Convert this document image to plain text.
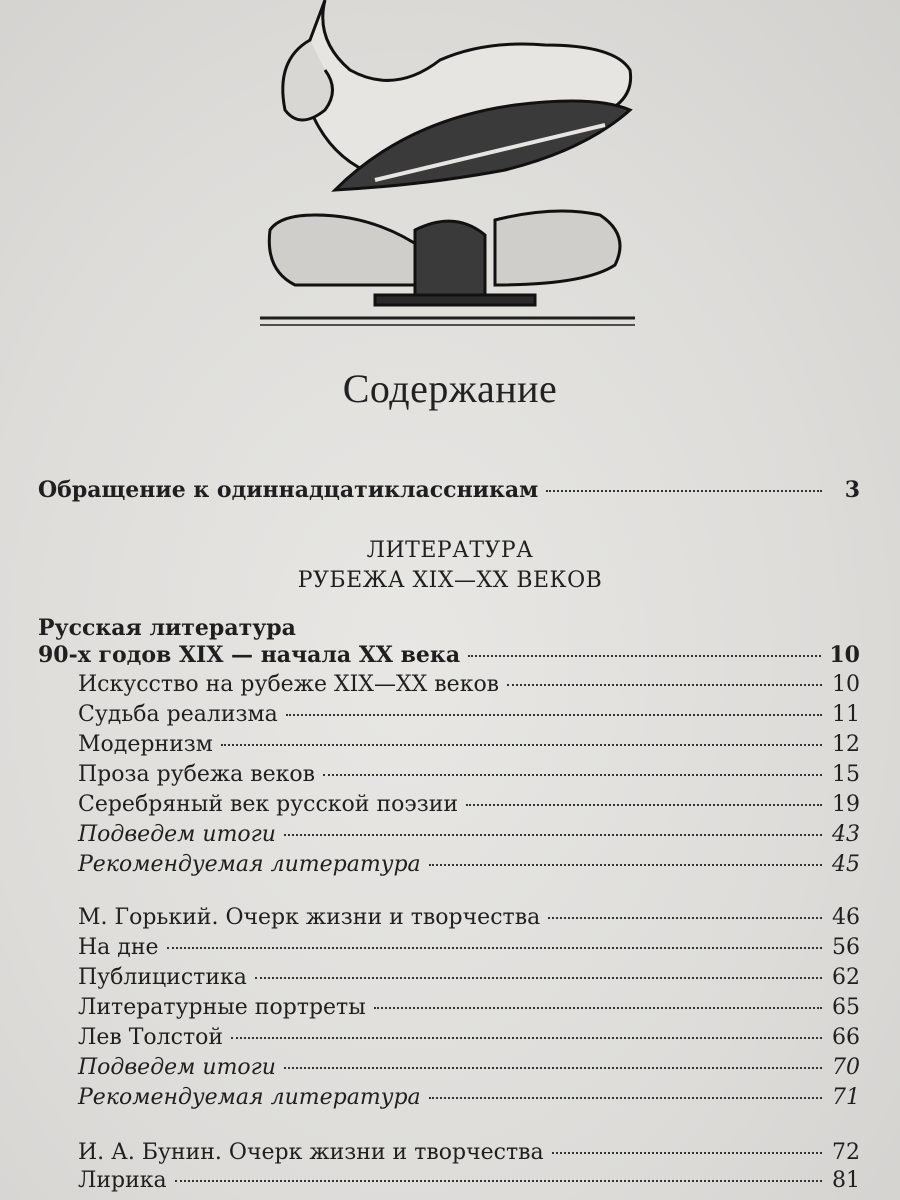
Содержание
Обращение к одиннадцатиклассникам	3
ЛИТЕРАТУРА
РУБЕЖА XIX—XX ВЕКОВ
Русская литература
90-х годов XIX — начала XX века	10
Искусство на рубеже XIX—XX веков	10
Судьба реализма	11
Модернизм	12
Проза рубежа веков	15
Серебряный век русской поэзии	19
Подведем итоги	43
Рекомендуемая литература	45
М. Горький. Очерк жизни и творчества	46
На дне	56
Публицистика	62
Литературные портреты	65
Лев Толстой	66
Подведем итоги	70
Рекомендуемая литература	71
И. А. Бунин. Очерк жизни и творчества	72
Лирика	81
